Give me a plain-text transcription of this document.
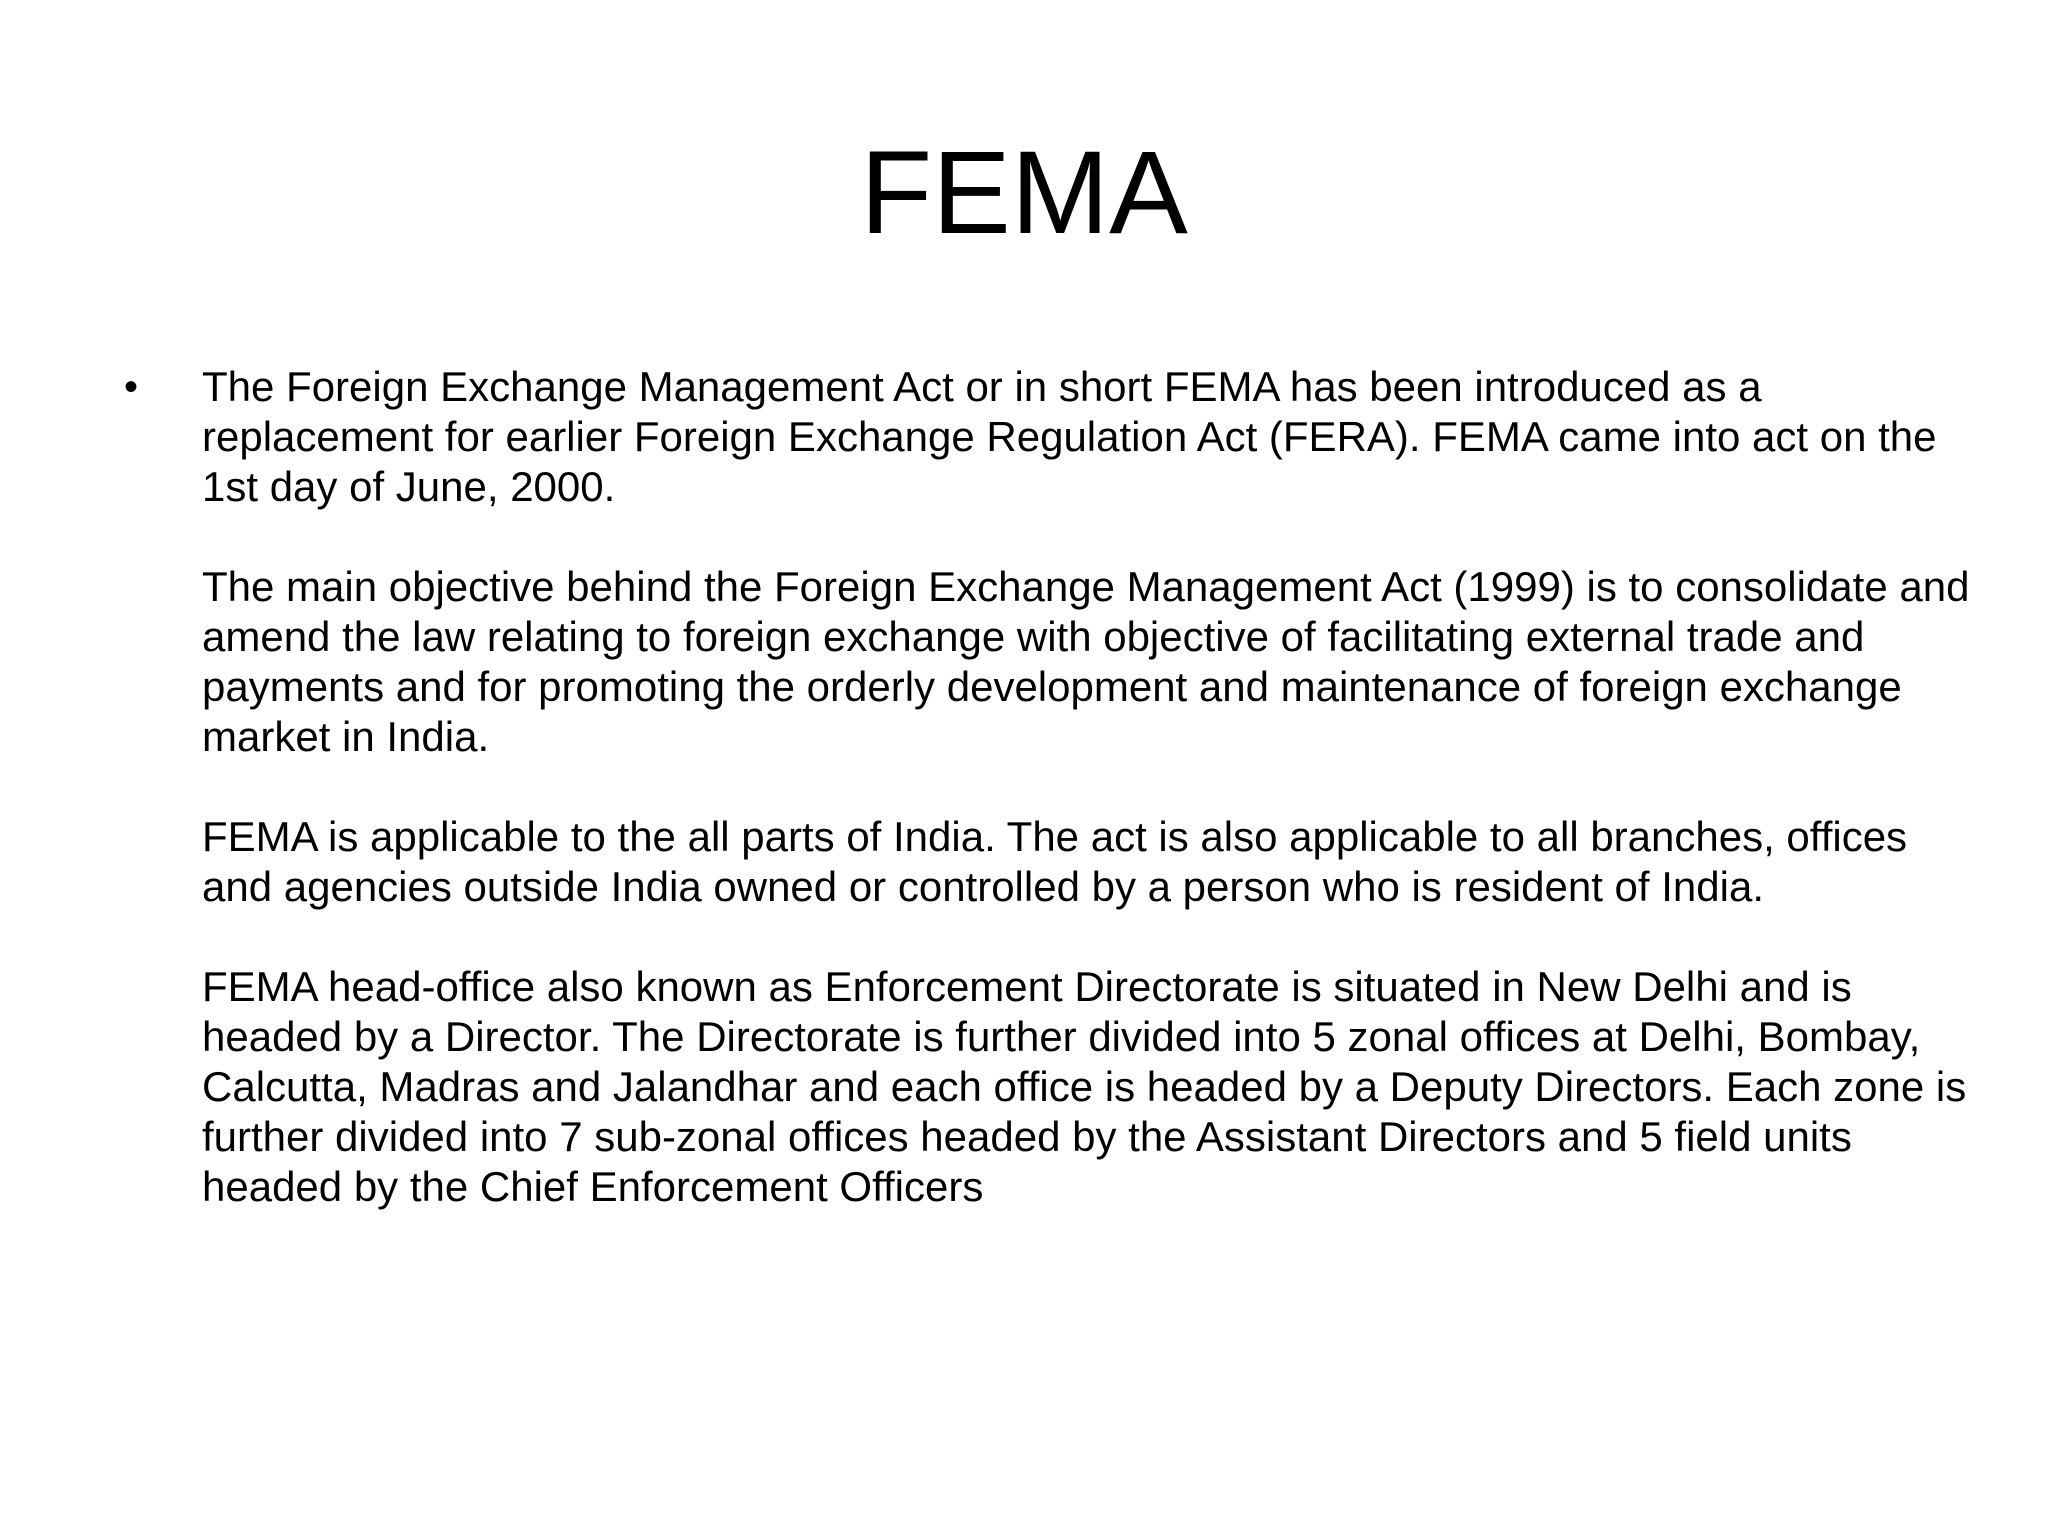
FEMA
• The Foreign Exchange Management Act or in short FEMA has been introduced as a replacement for earlier Foreign Exchange Regulation Act (FERA). FEMA came into act on the 1st day of June, 2000.

The main objective behind the Foreign Exchange Management Act (1999) is to consolidate and amend the law relating to foreign exchange with objective of facilitating external trade and payments and for promoting the orderly development and maintenance of foreign exchange market in India.

FEMA is applicable to the all parts of India. The act is also applicable to all branches, offices and agencies outside India owned or controlled by a person who is resident of India.

FEMA head-office also known as Enforcement Directorate is situated in New Delhi and is headed by a Director. The Directorate is further divided into 5 zonal offices at Delhi, Bombay, Calcutta, Madras and Jalandhar and each office is headed by a Deputy Directors. Each zone is further divided into 7 sub-zonal offices headed by the Assistant Directors and 5 field units headed by the Chief Enforcement Officers
